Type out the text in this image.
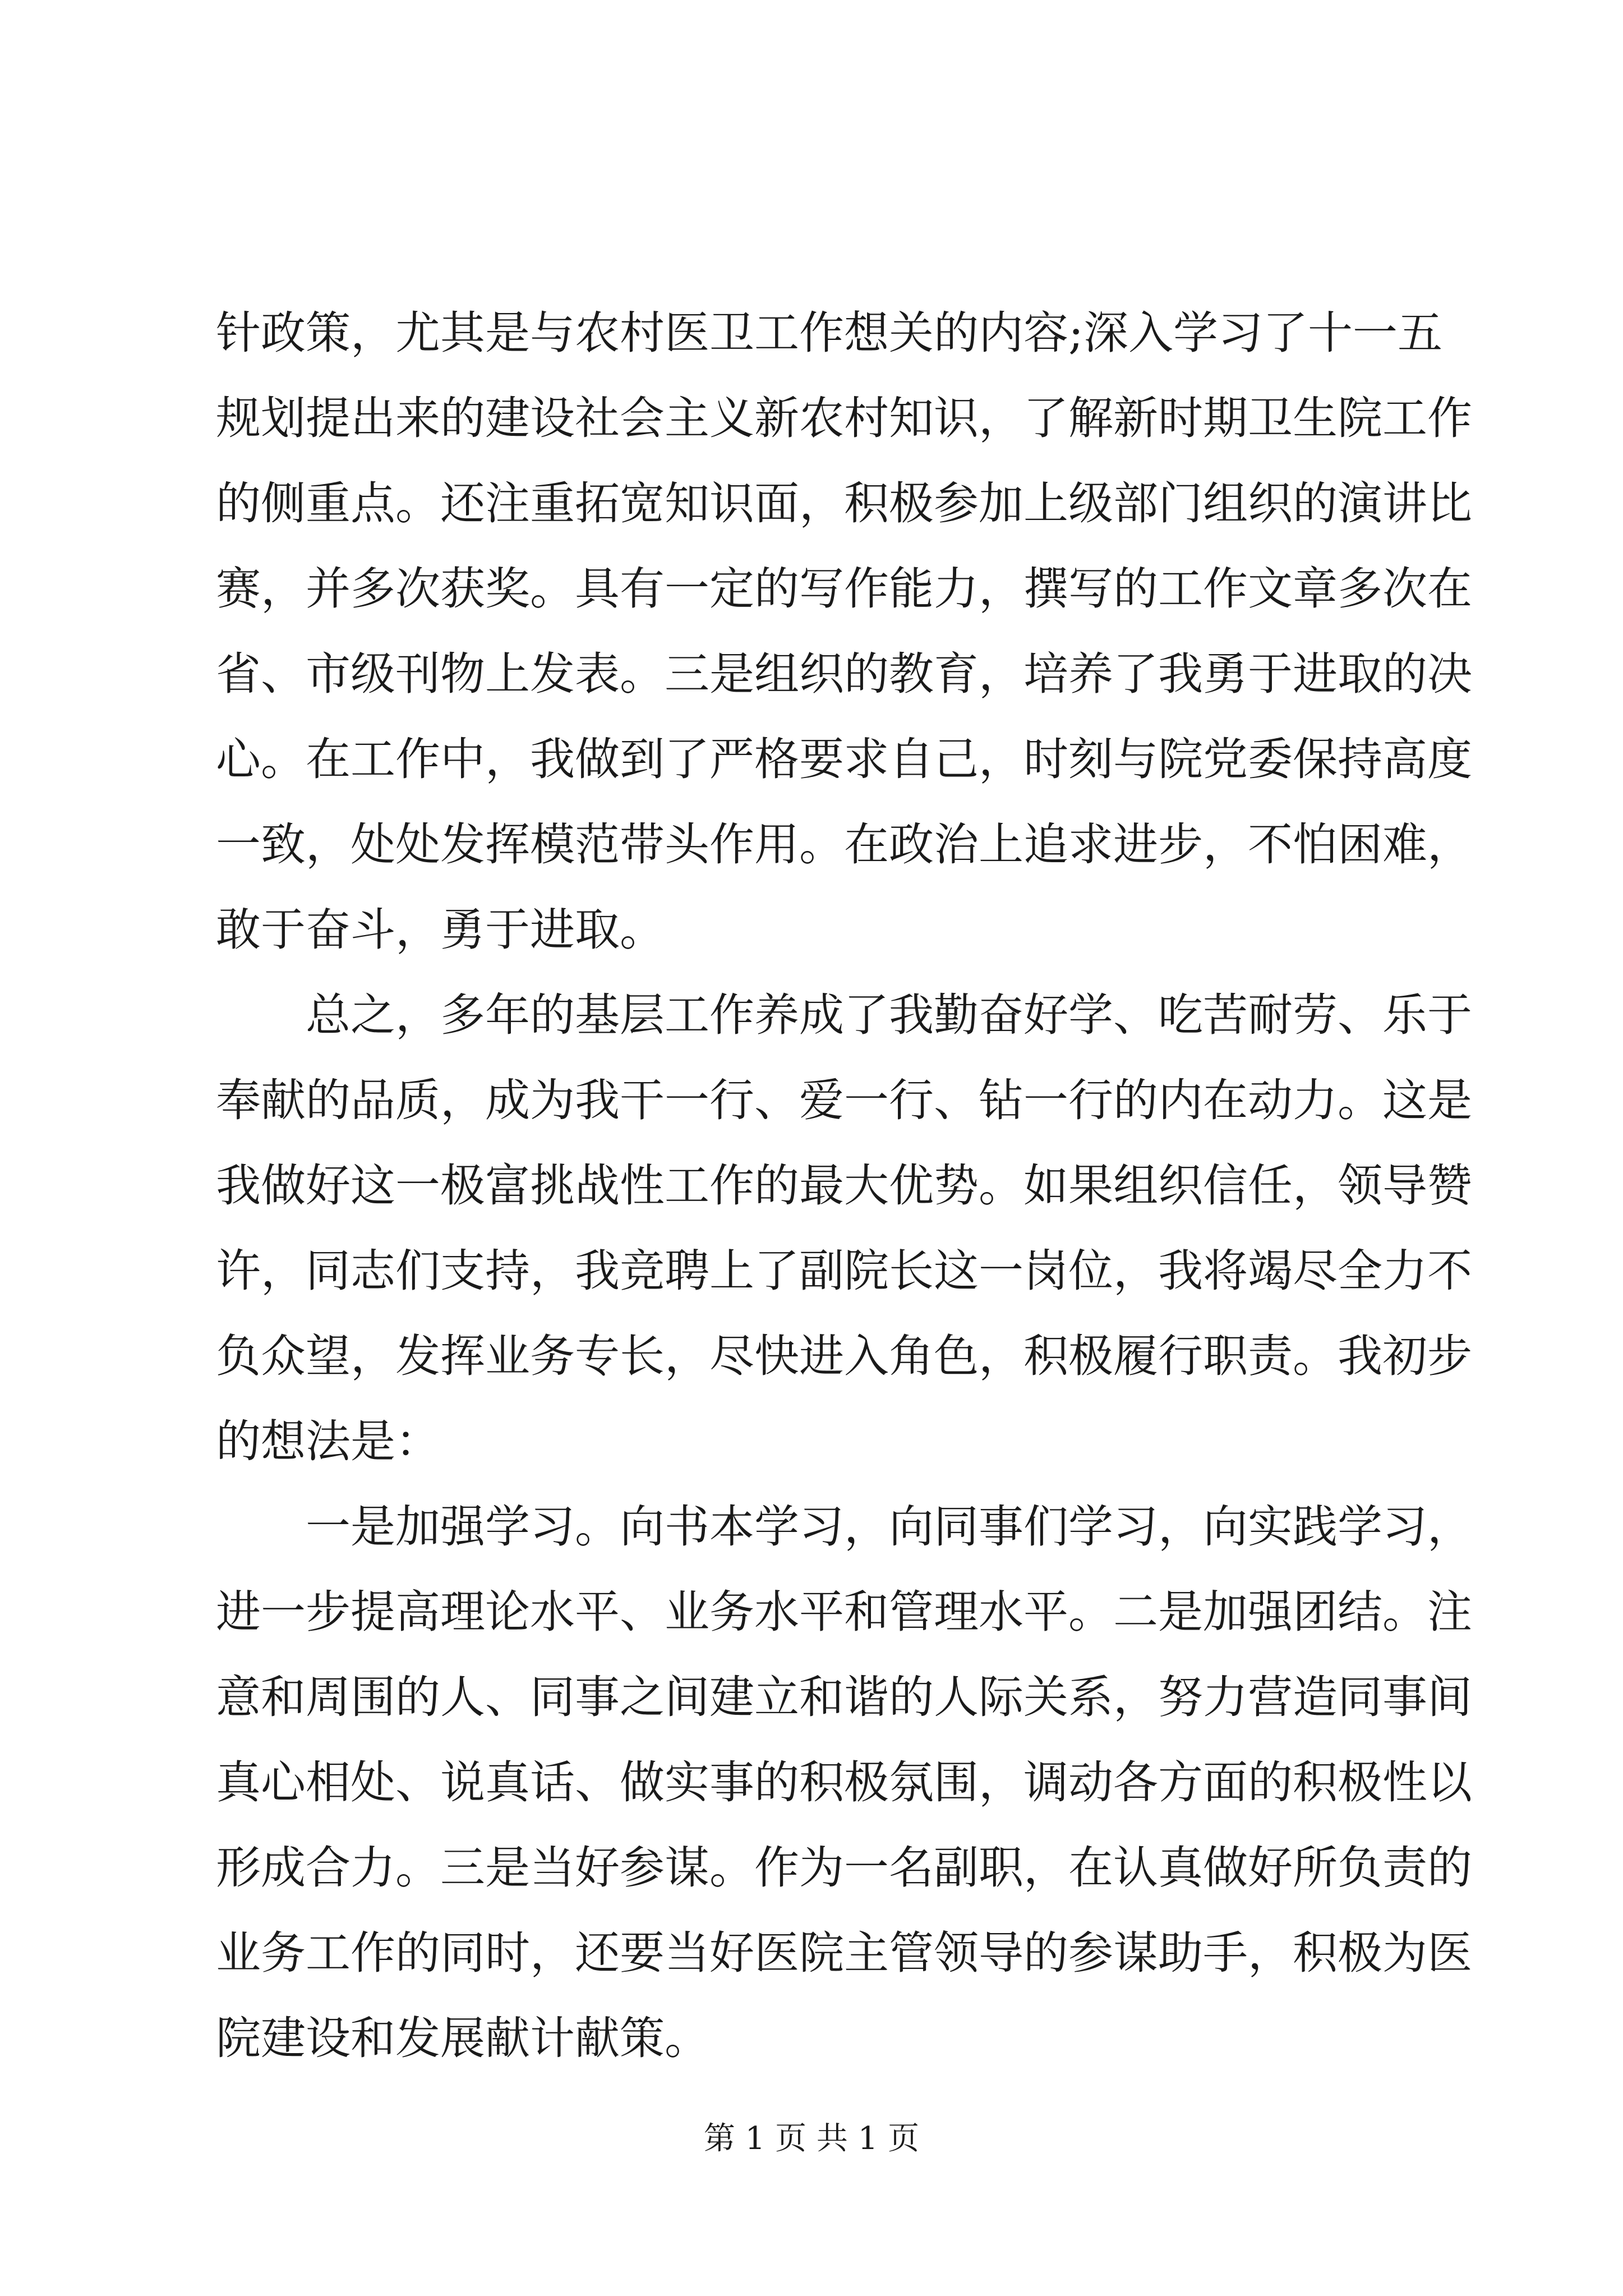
针政策，尤其是与农村医卫工作想关的内容;深入学习了十一五
规划提出来的建设社会主义新农村知识，了解新时期卫生院工作
的侧重点。还注重拓宽知识面，积极参加上级部门组织的演讲比
赛，并多次获奖。具有一定的写作能力，撰写的工作文章多次在
省、市级刊物上发表。三是组织的教育，培养了我勇于进取的决
心。在工作中，我做到了严格要求自己，时刻与院党委保持高度
一致，处处发挥模范带头作用。在政治上追求进步，不怕困难，
敢于奋斗，勇于进取。
总之，多年的基层工作养成了我勤奋好学、吃苦耐劳、乐于
奉献的品质，成为我干一行、爱一行、钻一行的内在动力。这是
我做好这一极富挑战性工作的最大优势。如果组织信任，领导赞
许，同志们支持，我竞聘上了副院长这一岗位，我将竭尽全力不
负众望，发挥业务专长，尽快进入角色，积极履行职责。我初步
的想法是：
一是加强学习。向书本学习，向同事们学习，向实践学习，
进一步提高理论水平、业务水平和管理水平。二是加强团结。注
意和周围的人、同事之间建立和谐的人际关系，努力营造同事间
真心相处、说真话、做实事的积极氛围，调动各方面的积极性以
形成合力。三是当好参谋。作为一名副职，在认真做好所负责的
业务工作的同时，还要当好医院主管领导的参谋助手，积极为医
院建设和发展献计献策。
第 1 页 共 1 页
